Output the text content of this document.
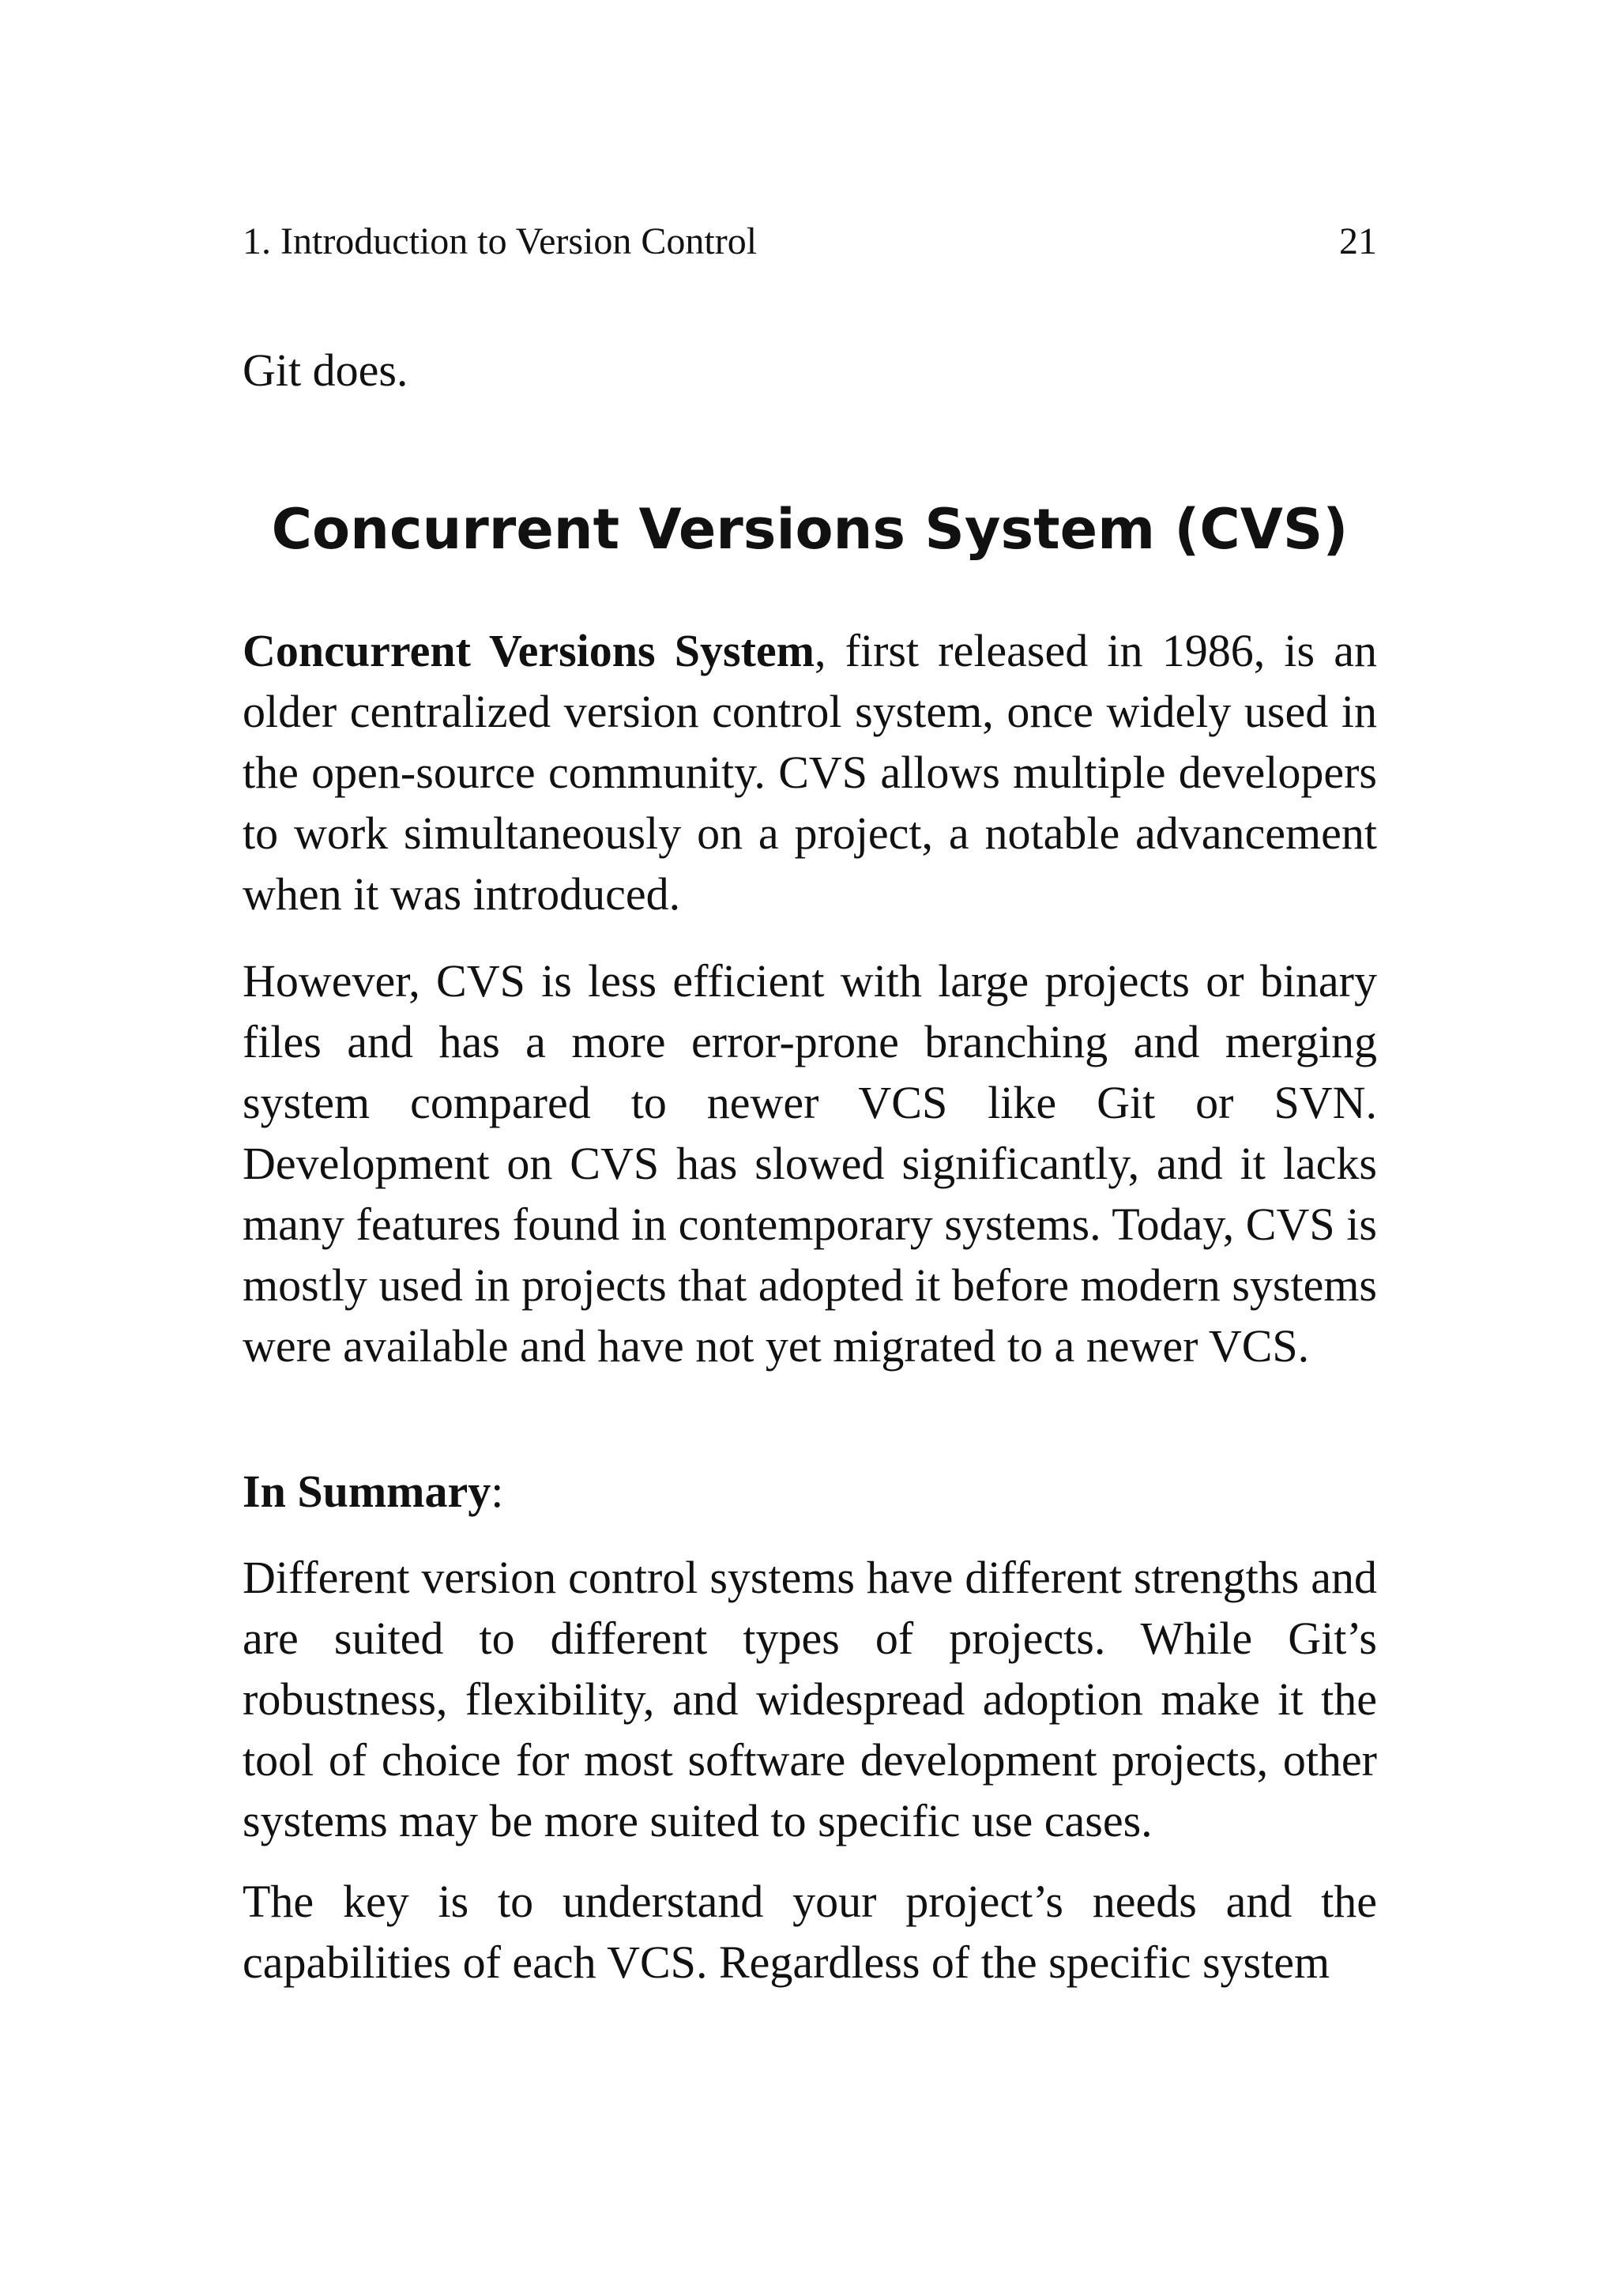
1. Introduction to Version Control	21

Git does.

Concurrent Versions System (CVS)

Concurrent Versions System, first released in 1986, is an older centralized version control system, once widely used in the open-source community. CVS allows multiple developers to work simultaneously on a project, a notable advancement when it was introduced.

However, CVS is less efficient with large projects or binary files and has a more error-prone branching and merging system compared to newer VCS like Git or SVN. Development on CVS has slowed significantly, and it lacks many features found in contemporary systems. Today, CVS is mostly used in projects that adopted it before modern systems were available and have not yet migrated to a newer VCS.

In Summary:

Different version control systems have different strengths and are suited to different types of projects. While Git’s robustness, flexibility, and widespread adoption make it the tool of choice for most software development projects, other systems may be more suited to specific use cases.

The key is to understand your project’s needs and the capabilities of each VCS. Regardless of the specific system
